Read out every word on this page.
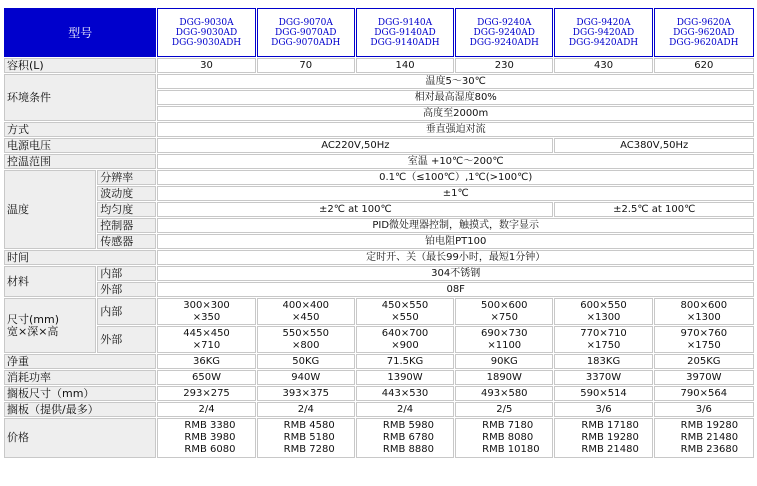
型号		DGG-9030A
DGG-9030AD
DGG-9030ADH	DGG-9070A
DGG-9070AD
DGG-9070ADH	DGG-9140A
DGG-9140AD
DGG-9140ADH	DGG-9240A
DGG-9240AD
DGG-9240ADH	DGG-9420A
DGG-9420AD
DGG-9420ADH	DGG-9620A
DGG-9620AD
DGG-9620ADH

容积(L)		30	70	140	230	430	620
环境条件		温度5～30℃					
		相对最高湿度80%					
		高度至2000m					
方式		垂直强迫对流					
电源电压		AC220V,50Hz				AC380V,50Hz	
控温范围		室温 +10℃～200℃					
温度	分辨率	0.1℃（≤100℃）,1℃(>100℃)					
	波动度	±1℃					
	均匀度	±2℃ at 100℃				±2.5℃ at 100℃	
	控制器	PID微处理器控制，触摸式，数字显示					
	传感器	铂电阻PT100					
时间		定时开、关（最长99小时，最短1分钟）					
材料	内部	304不锈钢					
	外部	08F					

尺寸(mm)
宽×深×高	内部	300×300
×350	400×400
×450	450×550
×550	500×600
×750	600×550
×1300	800×600
×1300

	外部	445×450
×710	550×550
×800	640×700
×900	690×730
×1100	770×710
×1750	970×760
×1750

净重		36KG	50KG	71.5KG	90KG	183KG	205KG
消耗功率		650W	940W	1390W	1890W	3370W	3970W
搁板尺寸（mm）		293×275	393×375	443×530	493×580	590×514	790×564
搁板（提供/最多）		2/4	2/4	2/4	2/5	3/6	3/6
价格		RMB 3380
RMB 3980
RMB 6080	RMB 4580
RMB 5180
RMB 7280	RMB 5980
RMB 6780
RMB 8880	RMB 7180
RMB 8080
RMB 10180	RMB 17180
RMB 19280
RMB 21480	RMB 19280
RMB 21480
RMB 23680
